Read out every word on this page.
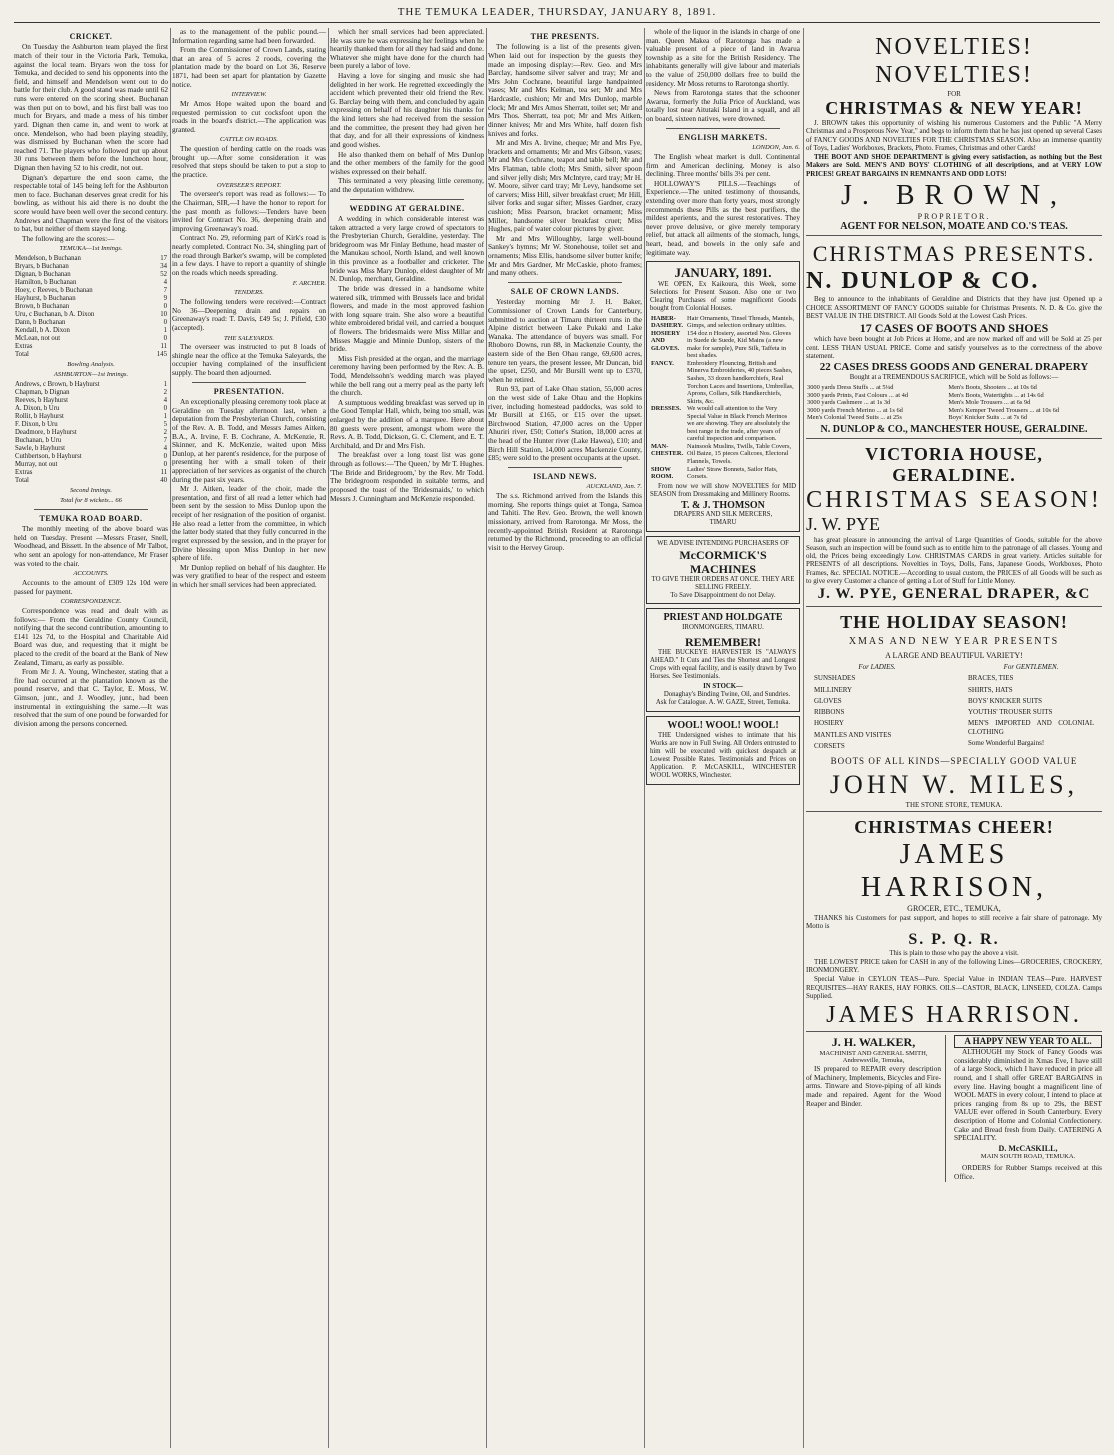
THE TEMUKA LEADER, THURSDAY, JANUARY 8, 1891.
CRICKET.

On Tuesday the Ashburton team played the first match of their tour in the Victoria Park, Temuka, against the local team. Bryars won the toss for Temuka, and decided to send his opponents into the field, and himself and Mendelson went out to do battle for their club. A good stand was made until 62 runs were entered on the scoring sheet. Buchanan was then put on to bowl, and his first ball was too much for Bryars, and made a mess of his timber yard. Dignan then came in, and went to work at once. Mendelson, who had been playing steadily, was dismissed by Buchanan when the score had reached 71. The players who followed put up about 30 runs between them before the luncheon hour, Dignan then having 52 to his credit, not out.

Dignan's departure the end soon came, the respectable total of 145 being left for the Ashburton men to face. Buchanan deserves great credit for his bowling, as without his aid there is no doubt the score would have been well over the second century. Andrews and Chapman were the first of the visitors to bat, but neither of them stayed long.

The following are the scores:—

TEMUKA—1st Innings.
Mendelson, b Buchanan	17
Bryars, b Buchanan	34
Dignan, b Buchanan	52
Hamilton, b Buchanan	4
Hoey, c Reeves, b Buchanan	7
Hayhurst, b Buchanan	9
Brown, b Buchanan	0
Uru, c Buchanan, b A. Dixon	10
Dann, b Buchanan	0
Kendall, b A. Dixon	1
McLean, not out	0
Extras	11
Total	145
Bowling Analysis.
ASHBURTON—1st Innings.
Andrews, c Brown, b Hayhurst	1
Chapman, b Dignan	2
Reeves, b Hayhurst	4
A. Dixon, b Uru	0
Rollit, b Hayhurst	1
F. Dixon, b Uru	5
Deadmore, b Hayhurst	2
Buchanan, b Uru	7
Sawle, b Hayhurst	4
Cuthbertson, b Hayhurst	0
Murray, not out	0
Extras	11
Total	40
Second Innings.
Total for 8 wickets... 66
TEMUKA ROAD BOARD.

The monthly meeting of the above board was held on Tuesday. Present —Messrs Fraser, Snell, Woodhead, and Bissett. In the absence of Mr Talbot, who sent an apology for non-attendance, Mr Fraser was voted to the chair.

ACCOUNTS.

Accounts to the amount of £309 12s 10d were passed for payment.

CORRESPONDENCE.

Correspondence was read and dealt with as follows:— From the Geraldine County Council, notifying that the second contribution, amounting to £141 12s 7d, to the Hospital and Charitable Aid Board was due, and requesting that it might be placed to the credit of the board at the Bank of New Zealand, Timaru, as early as possible.

From Mr J. A. Young, Winchester, stating that a fire had occurred at the plantation known as the pound reserve, and that C. Taylor, E. Moss, W. Gimson, junr., and J. Woodley, junr., had been instrumental in extinguishing the same.—It was resolved that the sum of one pound be forwarded for division among the persons concerned.

as to the management of the public pound.—Information regarding same had been forwarded.

From the Commissioner of Crown Lands, stating that an area of 5 acres 2 roods, covering the plantation made by the board on Lot 36, Reserve 1871, had been set apart for plantation by Gazette notice.

INTERVIEW.

Mr Amos Hope waited upon the board and requested permission to cut cocksfoot upon the roads in the board's district.—The application was granted.

CATTLE ON ROADS.

The question of herding cattle on the roads was brought up.—After some consideration it was resolved that steps should be taken to put a stop to the practice.

OVERSEER'S REPORT.

The overseer's report was read as follows:— To the Chairman, SIR,—I have the honor to report for the past month as follows:—Tenders have been invited for Contract No. 36, deepening drain and improving Greenaway's road.

Contract No. 29, reforming part of Kirk's road is nearly completed. Contract No. 34, shingling part of the road through Barker's swamp, will be completed in a few days. I have to report a quantity of shingle on the roads which needs spreading.

F. ARCHER.
TENDERS.

The following tenders were received:—Contract No 36—Deepening drain and repairs on Greenaway's road: T. Davis, £49 5s; J. Pifield, £30 (accepted).

THE SALEYARDS.

The overseer was instructed to put 8 loads of shingle near the office at the Temuka Saleyards, the occupier having complained of the insufficient supply. The board then adjourned.

PRESENTATION.

An exceptionally pleasing ceremony took place at Geraldine on Tuesday afternoon last, when a deputation from the Presbyterian Church, consisting of the Rev. A. B. Todd, and Messrs James Aitken, B.A., A. Irvine, F. B. Cochrane, A. McKenzie, R. Skinner, and K. McKenzie, waited upon Miss Dunlop, at her parent's residence, for the purpose of presenting her with a small token of their appreciation of her services as organist of the church during the past six years.

Mr J. Aitken, leader of the choir, made the presentation, and first of all read a letter which had been sent by the session to Miss Dunlop upon the receipt of her resignation of the position of organist. He also read a letter from the committee, in which the latter body stated that they fully concurred in the regret expressed by the session, and in the prayer for Divine blessing upon Miss Dunlop in her new sphere of life.

Mr Dunlop replied on behalf of his daughter. He was very gratified to hear of the respect and esteem in which her small services had been appreciated.

which her small services had been appreciated. He was sure he was expressing her feelings when he heartily thanked them for all they had said and done. Whatever she might have done for the church had been purely a labor of love.

Having a love for singing and music she had delighted in her work. He regretted exceedingly the accident which prevented their old friend the Rev. G. Barclay being with them, and concluded by again expressing on behalf of his daughter his thanks for the kind letters she had received from the session and the committee, the present they had given her that day, and for all their expressions of kindness and good wishes.

He also thanked them on behalf of Mrs Dunlop and the other members of the family for the good wishes expressed on their behalf.

This terminated a very pleasing little ceremony, and the deputation withdrew.

WEDDING AT GERALDINE.

A wedding in which considerable interest was taken attracted a very large crowd of spectators to the Presbyterian Church, Geraldine, yesterday. The bridegroom was Mr Finlay Bethune, head master of the Manukau school, North Island, and well known in this province as a footballer and cricketer. The bride was Miss Mary Dunlop, eldest daughter of Mr N. Dunlop, merchant, Geraldine.

The bride was dressed in a handsome white watered silk, trimmed with Brussels lace and bridal flowers, and made in the most approved fashion with long square train. She also wore a beautiful white embroidered bridal veil, and carried a bouquet of flowers. The bridesmaids were Miss Millar and Misses Maggie and Minnie Dunlop, sisters of the bride.

Miss Fish presided at the organ, and the marriage ceremony having been performed by the Rev. A. B. Todd, Mendelssohn's wedding march was played while the bell rang out a merry peal as the party left the church.

A sumptuous wedding breakfast was served up in the Good Templar Hall, which, being too small, was enlarged by the addition of a marquee. Here about 80 guests were present, amongst whom were the Revs. A. B. Todd, Dickson, G. C. Clement, and E. T. Archibald, and Dr and Mrs Fish.

The breakfast over a long toast list was gone through as follows:—'The Queen,' by Mr T. Hughes. 'The Bride and Bridegroom,' by the Rev. Mr Todd. The bridegroom responded in suitable terms, and proposed the toast of the 'Bridesmaids,' to which Messrs J. Cunningham and McKenzie responded.

THE PRESENTS.

The following is a list of the presents given. When laid out for inspection by the guests they made an imposing display:—Rev. Geo. and Mrs Barclay, handsome silver salver and tray; Mr and Mrs John Cochrane, beautiful large handpainted vases; Mr and Mrs Kelman, tea set; Mr and Mrs Hardcastle, cushion; Mr and Mrs Dunlop, marble clock; Mr and Mrs Amos Sherratt, toilet set; Mr and Mrs Thos. Sherratt, tea pot; Mr and Mrs Aitken, dinner knives; Mr and Mrs White, half dozen fish knives and forks.

Mr and Mrs A. Irvine, cheque; Mr and Mrs Fye, brackets and ornaments; Mr and Mrs Gibson, vases; Mr and Mrs Cochrane, teapot and table bell; Mr and Mrs Flatman, table cloth; Mrs Smith, silver spoon and silver jelly dish; Mrs McIntyre, card tray; Mr H. W. Moore, silver card tray; Mr Levy, handsome set of carvers; Miss Hill, silver breakfast cruet; Mr Hill, silver forks and sugar sifter; Misses Gardner, crazy cushion; Miss Pearson, bracket ornament; Miss Miller, handsome silver breakfast cruet; Miss Hughes, pair of water colour pictures by giver.

Mr and Mrs Willoughby, large well-bound Sankey's hymns; Mr W. Stonehouse, toilet set and ornaments; Miss Ellis, handsome silver butter knife; Mr and Mrs Gardner, Mr McCaskie, photo frames; and many others.

SALE OF CROWN LANDS.

Yesterday morning Mr J. H. Baker, Commissioner of Crown Lands for Canterbury, submitted to auction at Timaru thirteen runs in the Alpine district between Lake Pukaki and Lake Wanaka. The attendance of buyers was small. For Rhoboro Downs, run 88, in Mackenzie County, the eastern side of the Ben Ohau range, 69,600 acres, tenure ten years, the present lessee, Mr Duncan, bid the upset, £250, and Mr Bursill went up to £370, when he retired.

Run 93, part of Lake Ohau station, 55,000 acres on the west side of Lake Ohau and the Hopkins river, including homestead paddocks, was sold to Mr Bursill at £165, or £15 over the upset. Birchwood Station, 47,000 acres on the Upper Ahuriri river, £50; Cotter's Station, 18,000 acres at the head of the Hunter river (Lake Hawea), £10; and Birch Hill Station, 14,000 acres Mackenzie County, £85; were sold to the present occupants at the upset.

ISLAND NEWS.
AUCKLAND, Jan. 7.

The s.s. Richmond arrived from the Islands this morning. She reports things quiet at Tonga, Samoa and Tahiti. The Rev. Geo. Brown, the well known missionary, arrived from Rarotonga. Mr Moss, the recently-appointed British Resident at Rarotonga returned by the Richmond, proceeding to an official visit to the Hervey Group.

whole of the liquor in the islands in charge of one man. Queen Makea of Rarotonga has made a valuable present of a piece of land in Avarua township as a site for the British Residency. The inhabitants generally will give labour and materials to the value of 250,000 dollars free to build the residency. Mr Moss returns to Rarotonga shortly.

News from Rarotonga states that the schooner Awarua, formerly the Julia Price of Auckland, was totally lost near Aitutaki Island in a squall, and all on board, sixteen natives, were drowned.

ENGLISH MARKETS.
LONDON, Jan. 6.

The English wheat market is dull. Continental firm and American declining. Money is also declining. Three months' bills 3¼ per cent.

HOLLOWAY'S PILLS.—Teachings of Experience.—The united testimony of thousands, extending over more than forty years, most strongly recommends these Pills as the best purifiers, the mildest aperients, and the surest restoratives. They never prove delusive, or give merely temporary relief, but attack all ailments of the stomach, lungs, heart, head, and bowels in the only safe and legitimate way.

JANUARY, 1891.

WE OPEN, Ex Kaikoura, this Week, some Selections for Present Season. Also one or two Clearing Purchases of some magnificent Goods bought from Colonial Houses.

HABER-DASHERY.	Hair Ornaments, Tinsel Threads, Mantels, Gimps, and selection ordinary utilities.
HOSIERY AND GLOVES.	154 doz n Hosiery, assorted Nos. Gloves in Suede de Suede, Kid Mains (a new make for sample), Pure Silk, Taffeta in best shades.
FANCY.	Embroidery Flouncing, British and Minerva Embroideries, 40 pieces Sashes, Sashes, 33 dozen handkerchiefs, Real Torchon Laces and Insertions, Umbrellas, Aprons, Collars, Silk Handkerchiefs, Skirts, &c.
DRESSES.	We would call attention to the Very Special Value in Black French Merinos we are showing. They are absolutely the best range in the trade, after years of careful inspection and comparison.
MAN-CHESTER.	Nainsook Muslins, Twills, Table Covers, Oil Baize, 15 pieces Calicoes, Electoral Flannels, Towels.
SHOW ROOM.	Ladies' Straw Bonnets, Sailor Hats, Corsets.

From now we will show NOVELTIES for MID SEASON from Dressmaking and Millinery Rooms.

T. & J. THOMSON
DRAPERS AND SILK MERCERS,
TIMARU
WE ADVISE INTENDING PURCHASERS OF
McCORMICK'S MACHINES
TO GIVE THEIR ORDERS AT ONCE. THEY ARE SELLING FREELY.
To Save Disappointment do not Delay.
PRIEST AND HOLDGATE
IRONMONGERS, TIMARU.
REMEMBER!

THE BUCKEYE HARVESTER IS "ALWAYS AHEAD." It Cuts and Ties the Shortest and Longest Crops with equal facility, and is easily drawn by Two Horses. See Testimonials.

IN STOCK—

Donaghay's Binding Twine, Oil, and Sundries. Ask for Catalogue. A. W. GAZE, Street, Temuka.

WOOL! WOOL! WOOL!

THE Undersigned wishes to intimate that his Works are now in Full Swing. All Orders entrusted to him will be executed with quickest despatch at Lowest Possible Rates. Testimonials and Prices on Application. P. McCASKILL, WINCHESTER WOOL WORKS, Winchester.

NOVELTIES! NOVELTIES!
FOR
CHRISTMAS & NEW YEAR!

J. BROWN takes this opportunity of wishing his numerous Customers and the Public "A Merry Christmas and a Prosperous New Year," and begs to inform them that he has just opened up several Cases of FANCY GOODS AND NOVELTIES FOR THE CHRISTMAS SEASON. Also an immense quantity of Toys, Ladies' Workboxes, Brackets, Photo. Frames, Christmas and other Cards!

THE BOOT AND SHOE DEPARTMENT is giving every satisfaction, as nothing but the Best Makers are Sold. MEN'S AND BOYS' CLOTHING of all descriptions, and at VERY LOW PRICES! GREAT BARGAINS IN REMNANTS AND ODD LOTS!

J. BROWN,
PROPRIETOR.
AGENT FOR NELSON, MOATE AND CO.'S TEAS.
CHRISTMAS PRESENTS.
N. DUNLOP & CO.

Beg to announce to the inhabitants of Geraldine and Districts that they have just Opened up a CHOICE ASSORTMENT OF FANCY GOODS suitable for Christmas Presents. N. D. & Co. give the BEST VALUE IN THE DISTRICT. All Goods Sold at the Lowest Cash Prices.

17 CASES OF BOOTS AND SHOES

which have been bought at Job Prices at Home, and are now marked off and will be Sold at 25 per cent. LESS THAN USUAL PRICE. Come and satisfy yourselves as to the correctness of the above statement.

22 CASES DRESS GOODS AND GENERAL DRAPERY
Bought at a TREMENDOUS SACRIFICE, which will be Sold as follows:—
3000 yards Dress Stuffs ... at 5¼d	Men's Boots, Shooters ... at 10s 6d
3000 yards Prints, Fast Colours ... at 4d	Men's Boots, Watertights ... at 14s 6d
3000 yards Cashmere ... at 1s 3d	Men's Mole Trousers ... at 6s 9d
3000 yards French Merino ... at 1s 6d	Men's Kemper Tweed Trousers ... at 10s 6d
Men's Colonial Tweed Suits ... at 25s	Boys' Knicker Suits ... at 7s 6d
N. DUNLOP & CO., MANCHESTER HOUSE, GERALDINE.
VICTORIA HOUSE, GERALDINE.
CHRISTMAS SEASON!
J. W. PYE

has great pleasure in announcing the arrival of Large Quantities of Goods, suitable for the above Season, such an inspection will be found such as to entitle him to the patronage of all classes. Young and old, the Prices being exceedingly Low. CHRISTMAS CARDS in great variety. Articles suitable for PRESENTS of all descriptions. Novelties in Toys, Dolls, Fans, Japanese Goods, Workboxes, Photo Frames, &c. SPECIAL NOTICE.—According to usual custom, the PRICES of all Goods will be such as to give every Customer a chance of getting a Lot of Stuff for Little Money.

J. W. PYE, GENERAL DRAPER, &C
THE HOLIDAY SEASON!
XMAS AND NEW YEAR PRESENTS
A LARGE AND BEAUTIFUL VARIETY!
For LADIES.
SUNSHADES
MILLINERY
GLOVES
RIBBONS
HOSIERY
MANTLES AND VISITES
CORSETS
For GENTLEMEN.
BRACES, TIES
SHIRTS, HATS
BOYS' KNICKER SUITS
YOUTHS' TROUSER SUITS
MEN'S IMPORTED AND COLONIAL CLOTHING
Some Wonderful Bargains!
BOOTS OF ALL KINDS—SPECIALLY GOOD VALUE
JOHN W. MILES,
THE STONE STORE, TEMUKA.
CHRISTMAS CHEER!
JAMES HARRISON,
GROCER, ETC., TEMUKA,

THANKS his Customers for past support, and hopes to still receive a fair share of patronage. My Motto is

S. P. Q. R.
This is plain to those who pay the above a visit.

THE LOWEST PRICE taken for CASH in any of the following Lines—GROCERIES, CROCKERY, IRONMONGERY.

Special Value in CEYLON TEAS—Pure. Special Value in INDIAN TEAS—Pure. HARVEST REQUISITES—HAY RAKES, HAY FORKS. OILS—CASTOR, BLACK, LINSEED, COLZA. Camps Supplied.

JAMES HARRISON.
J. H. WALKER,
MACHINIST AND GENERAL SMITH, Andrewsville, Temuka,

IS prepared to REPAIR every description of Machinery, Implements, Bicycles and Fire-arms. Tinware and Stove-piping of all kinds made and repaired. Agent for the Wood Reaper and Binder.

A HAPPY NEW YEAR TO ALL.

ALTHOUGH my Stock of Fancy Goods was considerably diminished in Xmas Eve, I have still of a large Stock, which I have reduced in price all round, and I shall offer GREAT BARGAINS in every line. Having bought a magnificent line of WOOL MATS in every colour, I intend to place at prices ranging from 8s up to 29s, the BEST VALUE ever offered in South Canterbury. Every description of Home and Colonial Confectionery. Cake and Bread fresh from Daily. CATERING A SPECIALITY.

D. McCASKILL,
MAIN SOUTH ROAD, TEMUKA.

ORDERS for Rubber Stamps received at this Office.
